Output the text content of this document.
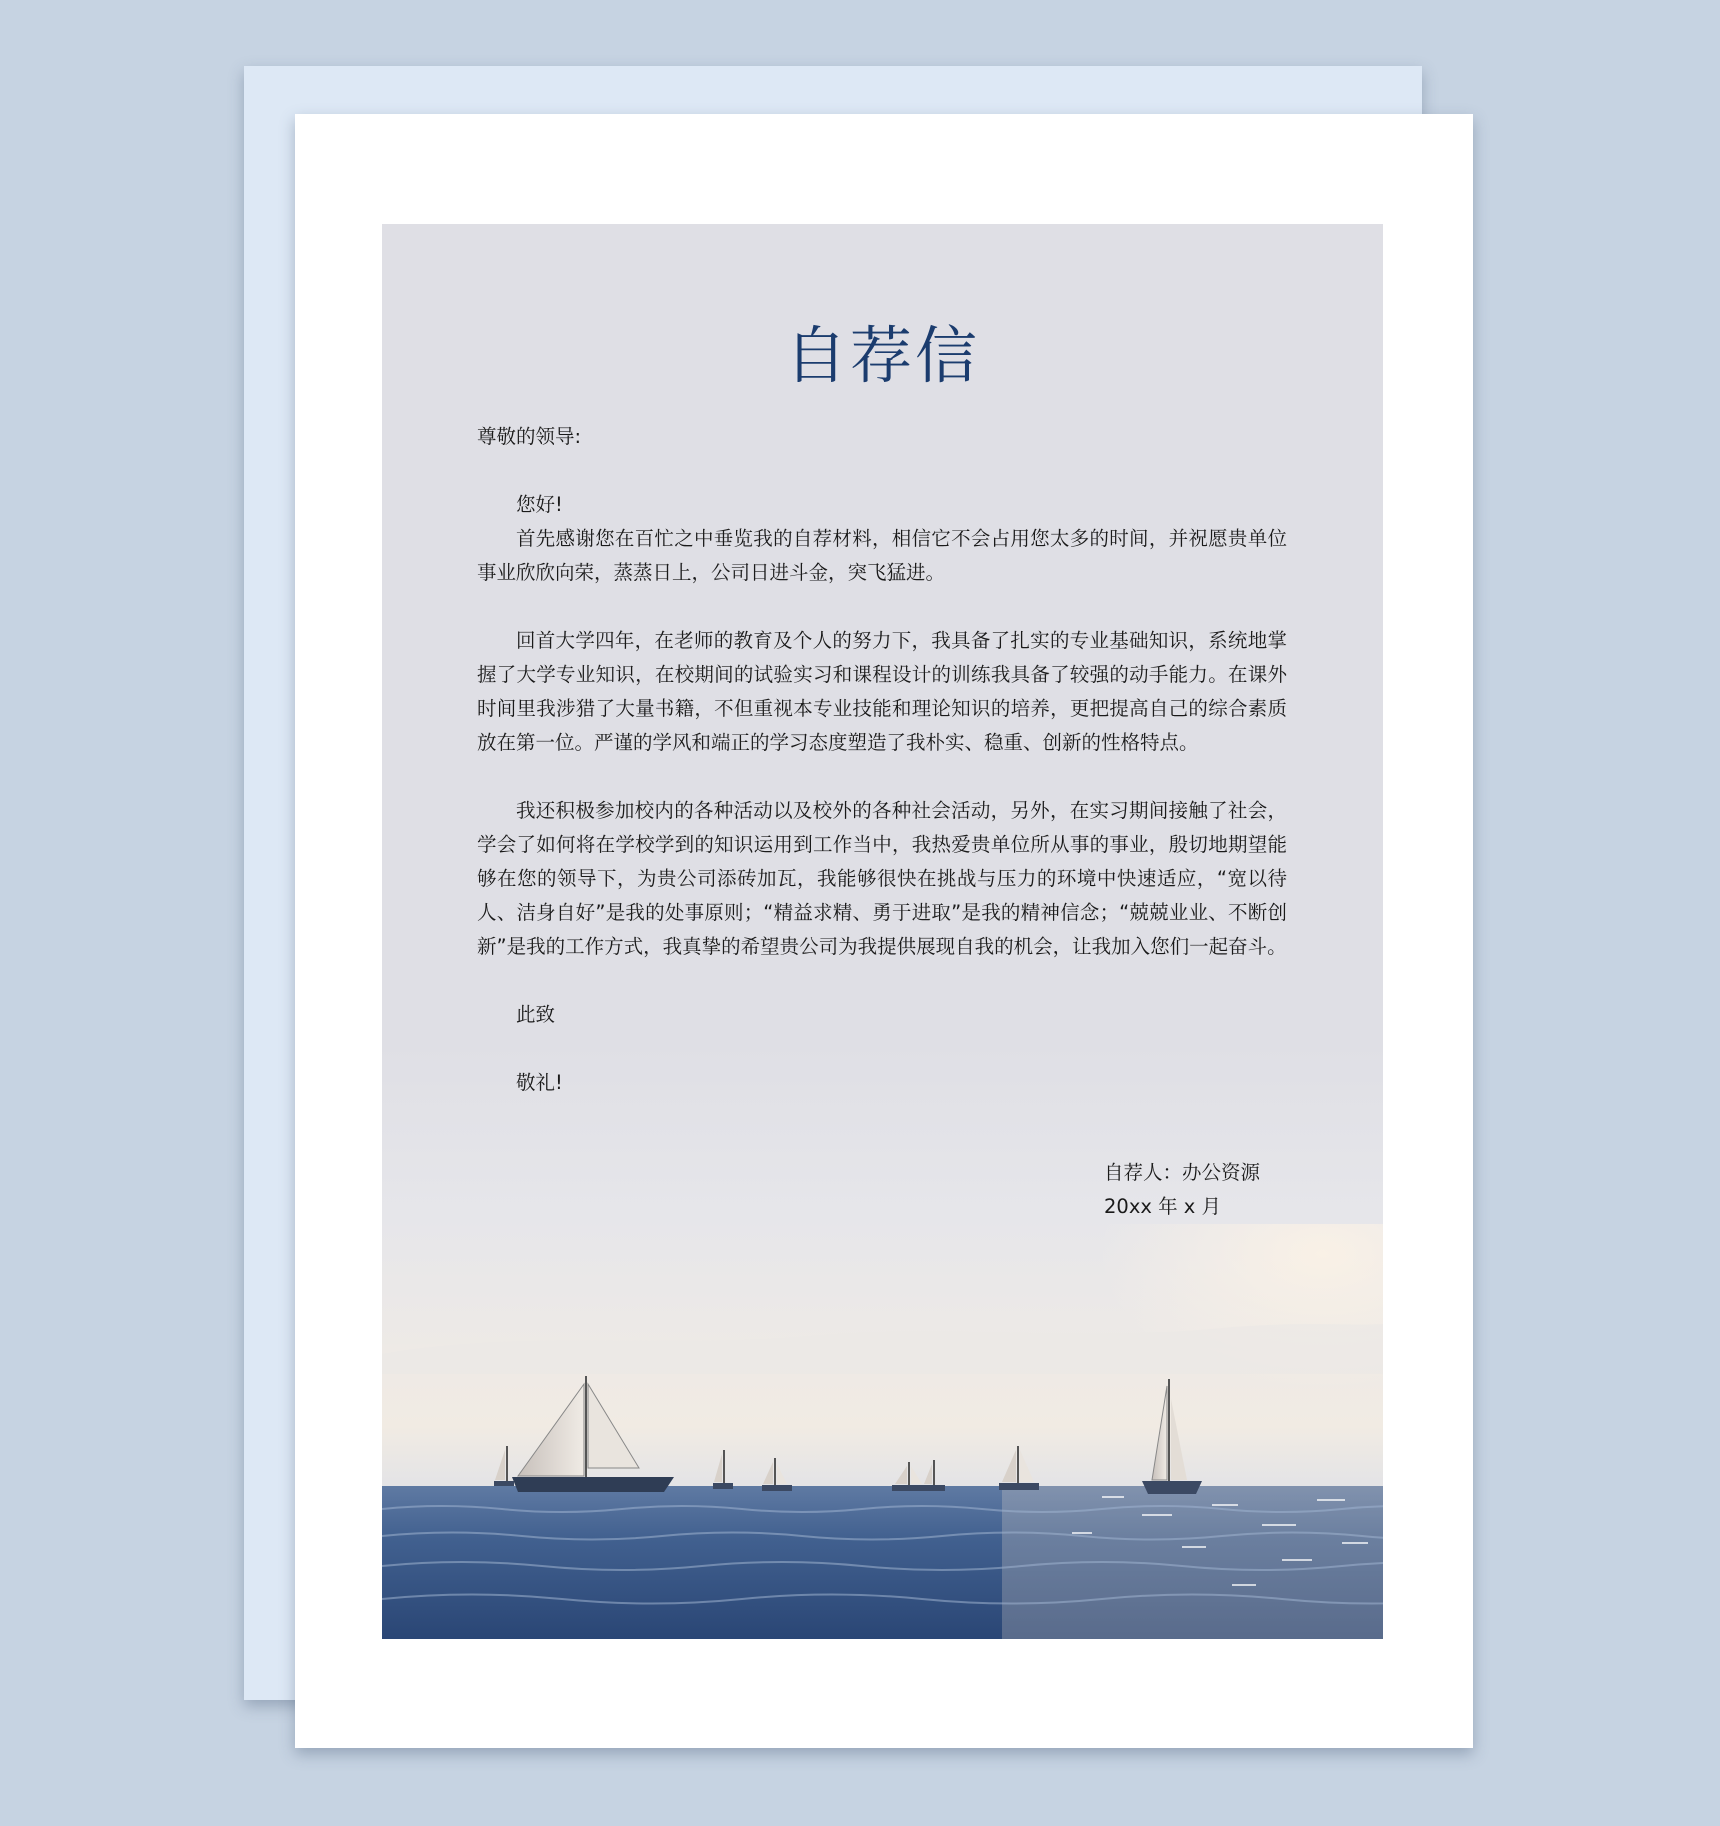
自荐信

尊敬的领导:

您好!

首先感谢您在百忙之中垂览我的自荐材料，相信它不会占用您太多的时间，并祝愿贵单位事业欣欣向荣，蒸蒸日上，公司日进斗金，突飞猛进。

回首大学四年，在老师的教育及个人的努力下，我具备了扎实的专业基础知识，系统地掌握了大学专业知识，在校期间的试验实习和课程设计的训练我具备了较强的动手能力。在课外时间里我涉猎了大量书籍，不但重视本专业技能和理论知识的培养，更把提高自己的综合素质放在第一位。严谨的学风和端正的学习态度塑造了我朴实、稳重、创新的性格特点。

我还积极参加校内的各种活动以及校外的各种社会活动，另外，在实习期间接触了社会，学会了如何将在学校学到的知识运用到工作当中，我热爱贵单位所从事的事业，殷切地期望能够在您的领导下，为贵公司添砖加瓦，我能够很快在挑战与压力的环境中快速适应，“宽以待人、洁身自好”是我的处事原则；“精益求精、勇于进取”是我的精神信念；“兢兢业业、不断创新”是我的工作方式，我真挚的希望贵公司为我提供展现自我的机会，让我加入您们一起奋斗。

此致

敬礼!

自荐人：办公资源

20xx 年 x 月
